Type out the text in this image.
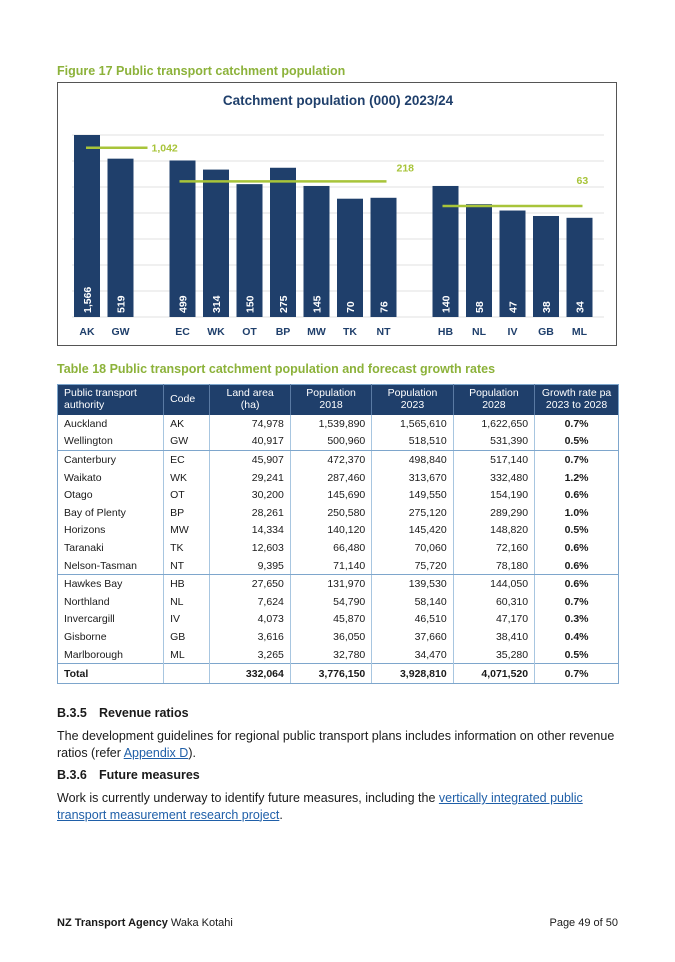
Figure 17 Public transport catchment population
Catchment population (000) 2023/24
1,566
AK
519
GW
499
EC
314
WK
150
OT
275
BP
145
MW
70
TK
76
NT
140
HB
58
NL
47
IV
38
GB
34
ML
1,042
218
63
Table 18 Public transport catchment population and forecast growth rates
Public transport authority	Code	Land area (ha)	Population 2018	Population 2023	Population 2028	Growth rate pa 2023 to 2028
Auckland	AK	74,978	1,539,890	1,565,610	1,622,650	0.7%
Wellington	GW	40,917	500,960	518,510	531,390	0.5%
Canterbury	EC	45,907	472,370	498,840	517,140	0.7%
Waikato	WK	29,241	287,460	313,670	332,480	1.2%
Otago	OT	30,200	145,690	149,550	154,190	0.6%
Bay of Plenty	BP	28,261	250,580	275,120	289,290	1.0%
Horizons	MW	14,334	140,120	145,420	148,820	0.5%
Taranaki	TK	12,603	66,480	70,060	72,160	0.6%
Nelson-Tasman	NT	9,395	71,140	75,720	78,180	0.6%
Hawkes Bay	HB	27,650	131,970	139,530	144,050	0.6%
Northland	NL	7,624	54,790	58,140	60,310	0.7%
Invercargill	IV	4,073	45,870	46,510	47,170	0.3%
Gisborne	GB	3,616	36,050	37,660	38,410	0.4%
Marlborough	ML	3,265	32,780	34,470	35,280	0.5%
Total		332,064	3,776,150	3,928,810	4,071,520	0.7%
B.3.5 Revenue ratios

The development guidelines for regional public transport plans includes information on other revenue ratios (refer Appendix D).

B.3.6 Future measures

Work is currently underway to identify future measures, including the vertically integrated public transport measurement research project.

NZ Transport Agency Waka Kotahi	Page 49 of 50
